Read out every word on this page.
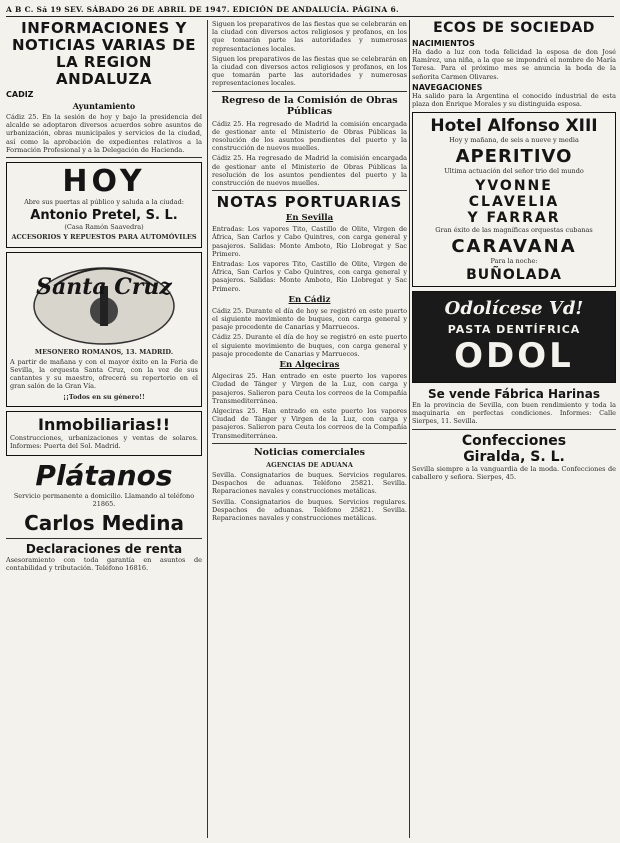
A B C. Sá 19 SEV. SÁBADO 26 DE ABRIL DE 1947. EDICIÓN DE ANDALUCÍA. PÁGINA 6.
INFORMACIONES Y NOTICIAS VARIAS DE LA REGION ANDALUZA
CADIZ
Ayuntamiento
Cádiz 25. En la sesión de hoy y bajo la presidencia del alcalde se adoptaron diversos acuerdos sobre asuntos de urbanización, obras municipales y servicios de la ciudad, así como la aprobación de expedientes relativos a la Formación Profesional y a la Delegación de Hacienda.
HOY
Abre sus puertas al público y saluda a la ciudad:
Antonio Pretel, S. L.
(Casa Ramón Saavedra)
ACCESORIOS Y REPUESTOS PARA AUTOMÓVILES
Santa Cruz
MESONERO ROMANOS, 13. MADRID.
A partir de mañana y con el mayor éxito en la Feria de Sevilla, la orquesta Santa Cruz, con la voz de sus cantantes y su maestro, ofrecerá su repertorio en el gran salón de la Gran Vía.
¡¡Todos en su género!!
Inmobiliarias!!
Construcciones, urbanizaciones y ventas de solares. Informes: Puerta del Sol. Madrid.
Plátanos
Servicio permanente a domicilio. Llamando al teléfono 21865.
Carlos Medina
Declaraciones de renta
Asesoramiento con toda garantía en asuntos de contabilidad y tributación. Teléfono 16816.
Siguen los preparativos de las fiestas que se celebrarán en la ciudad con diversos actos religiosos y profanos, en los que tomarán parte las autoridades y numerosas representaciones locales.
Siguen los preparativos de las fiestas que se celebrarán en la ciudad con diversos actos religiosos y profanos, en los que tomarán parte las autoridades y numerosas representaciones locales.
Regreso de la Comisión de Obras Públicas
Cádiz 25. Ha regresado de Madrid la comisión encargada de gestionar ante el Ministerio de Obras Públicas la resolución de los asuntos pendientes del puerto y la construcción de nuevos muelles.
Cádiz 25. Ha regresado de Madrid la comisión encargada de gestionar ante el Ministerio de Obras Públicas la resolución de los asuntos pendientes del puerto y la construcción de nuevos muelles.
NOTAS PORTUARIAS
En Sevilla
Entradas: Los vapores Tito, Castillo de Olite, Virgen de África, San Carlos y Cabo Quintres, con carga general y pasajeros. Salidas: Monte Amboto, Río Llobregat y Sac Primero.
Entradas: Los vapores Tito, Castillo de Olite, Virgen de África, San Carlos y Cabo Quintres, con carga general y pasajeros. Salidas: Monte Amboto, Río Llobregat y Sac Primero.
En Cádiz
Cádiz 25. Durante el día de hoy se registró en este puerto el siguiente movimiento de buques, con carga general y pasaje procedente de Canarias y Marruecos.
Cádiz 25. Durante el día de hoy se registró en este puerto el siguiente movimiento de buques, con carga general y pasaje procedente de Canarias y Marruecos.
En Algeciras
Algeciras 25. Han entrado en este puerto los vapores Ciudad de Tánger y Virgen de la Luz, con carga y pasajeros. Salieron para Ceuta los correos de la Compañía Transmediterránea.
Algeciras 25. Han entrado en este puerto los vapores Ciudad de Tánger y Virgen de la Luz, con carga y pasajeros. Salieron para Ceuta los correos de la Compañía Transmediterránea.
Noticias comerciales
AGENCIAS DE ADUANA
Sevilla. Consignatarios de buques. Servicios regulares. Despachos de aduanas. Teléfono 25821. Sevilla. Reparaciones navales y construcciones metálicas.
Sevilla. Consignatarios de buques. Servicios regulares. Despachos de aduanas. Teléfono 25821. Sevilla. Reparaciones navales y construcciones metálicas.
ECOS DE SOCIEDAD
NACIMIENTOS
Ha dado a luz con toda felicidad la esposa de don José Ramírez, una niña, a la que se impondrá el nombre de María Teresa. Para el próximo mes se anuncia la boda de la señorita Carmen Olivares.
NAVEGACIONES
Ha salido para la Argentina el conocido industrial de esta plaza don Enrique Morales y su distinguida esposa.
Hotel Alfonso XIII
Hoy y mañana, de seis a nueve y media
APERITIVO
Ultima actuación del señor trio del mundo
YVONNE
CLAVELIA
Y FARRAR
Gran éxito de las magníficas orquestas cubanas
CARAVANA
Para la noche:
BUÑOLADA
Odolícese Vd!
PASTA DENTÍFRICA
ODOL
Se vende Fábrica Harinas
En la provincia de Sevilla, con buen rendimiento y toda la maquinaria en perfectas condiciones. Informes: Calle Sierpes, 11. Sevilla.
Confecciones
Giralda, S. L.
Sevilla siempre a la vanguardia de la moda. Confecciones de caballero y señora. Sierpes, 45.
